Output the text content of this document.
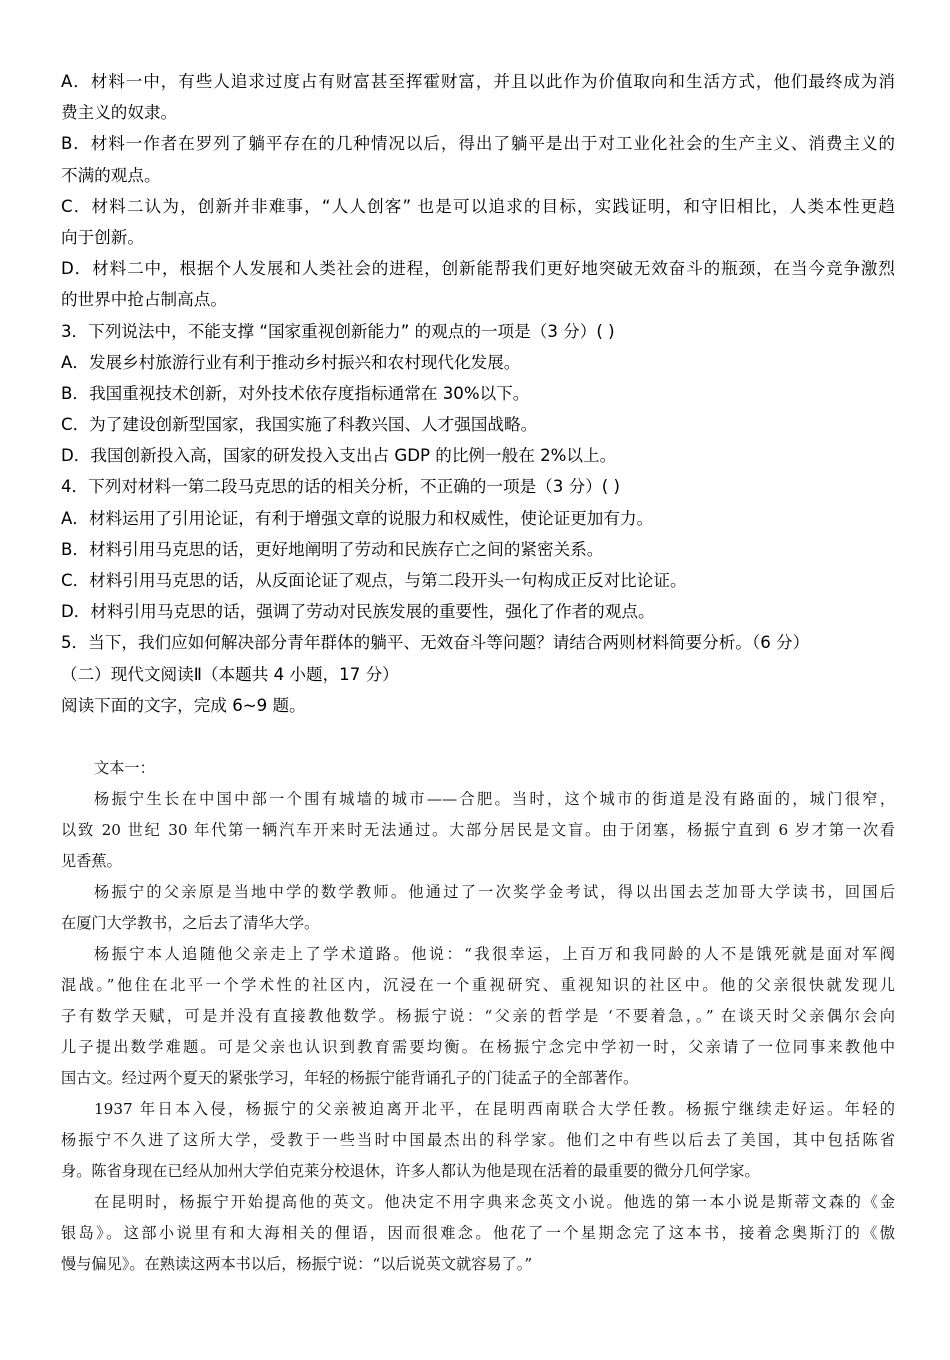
A．材料一中，有些人追求过度占有财富甚至挥霍财富，并且以此作为价值取向和生活方式，他们最终成为消
费主义的奴隶。
B．材料一作者在罗列了躺平存在的几种情况以后，得出了躺平是出于对工业化社会的生产主义、消费主义的
不满的观点。
C．材料二认为，创新并非难事，“人人创客” 也是可以追求的目标，实践证明，和守旧相比，人类本性更趋
向于创新。
D．材料二中，根据个人发展和人类社会的进程，创新能帮我们更好地突破无效奋斗的瓶颈，在当今竞争激烈
的世界中抢占制高点。
3．下列说法中，不能支撑 “国家重视创新能力” 的观点的一项是（3 分）( )
A．发展乡村旅游行业有利于推动乡村振兴和农村现代化发展。
B．我国重视技术创新，对外技术依存度指标通常在 30%以下。
C．为了建设创新型国家，我国实施了科教兴国、人才强国战略。
D．我国创新投入高，国家的研发投入支出占 GDP 的比例一般在 2%以上。
4．下列对材料一第二段马克思的话的相关分析，不正确的一项是（3 分）( )
A．材料运用了引用论证，有利于增强文章的说服力和权威性，使论证更加有力。
B．材料引用马克思的话，更好地阐明了劳动和民族存亡之间的紧密关系。
C．材料引用马克思的话，从反面论证了观点，与第二段开头一句构成正反对比论证。
D．材料引用马克思的话，强调了劳动对民族发展的重要性，强化了作者的观点。
5．当下，我们应如何解决部分青年群体的躺平、无效奋斗等问题？请结合两则材料简要分析。（6 分）
（二）现代文阅读Ⅱ（本题共 4 小题，17 分）
阅读下面的文字，完成 6~9 题。
文本一：
杨振宁生长在中国中部一个围有城墙的城市——合肥。当时，这个城市的街道是没有路面的，城门很窄，
以致 20 世纪 30 年代第一辆汽车开来时无法通过。大部分居民是文盲。由于闭塞，杨振宁直到 6 岁才第一次看
见香蕉。
杨振宁的父亲原是当地中学的数学教师。他通过了一次奖学金考试，得以出国去芝加哥大学读书，回国后
在厦门大学教书，之后去了清华大学。
杨振宁本人追随他父亲走上了学术道路。他说：“我很幸运，上百万和我同龄的人不是饿死就是面对军阀
混战。”他住在北平一个学术性的社区内，沉浸在一个重视研究、重视知识的社区中。他的父亲很快就发现儿
子有数学天赋，可是并没有直接教他数学。杨振宁说：“父亲的哲学是 ‘不要着急，。” 在谈天时父亲偶尔会向
儿子提出数学难题。可是父亲也认识到教育需要均衡。在杨振宁念完中学初一时，父亲请了一位同事来教他中
国古文。经过两个夏天的紧张学习，年轻的杨振宁能背诵孔子的门徒孟子的全部著作。
1937 年日本入侵，杨振宁的父亲被迫离开北平，在昆明西南联合大学任教。杨振宁继续走好运。年轻的
杨振宁不久进了这所大学，受教于一些当时中国最杰出的科学家。他们之中有些以后去了美国，其中包括陈省
身。陈省身现在已经从加州大学伯克莱分校退休，许多人都认为他是现在活着的最重要的微分几何学家。
在昆明时，杨振宁开始提高他的英文。他决定不用字典来念英文小说。他选的第一本小说是斯蒂文森的《金
银岛》。这部小说里有和大海相关的俚语，因而很难念。他花了一个星期念完了这本书，接着念奥斯汀的《傲
慢与偏见》。在熟读这两本书以后，杨振宁说：“以后说英文就容易了。”
